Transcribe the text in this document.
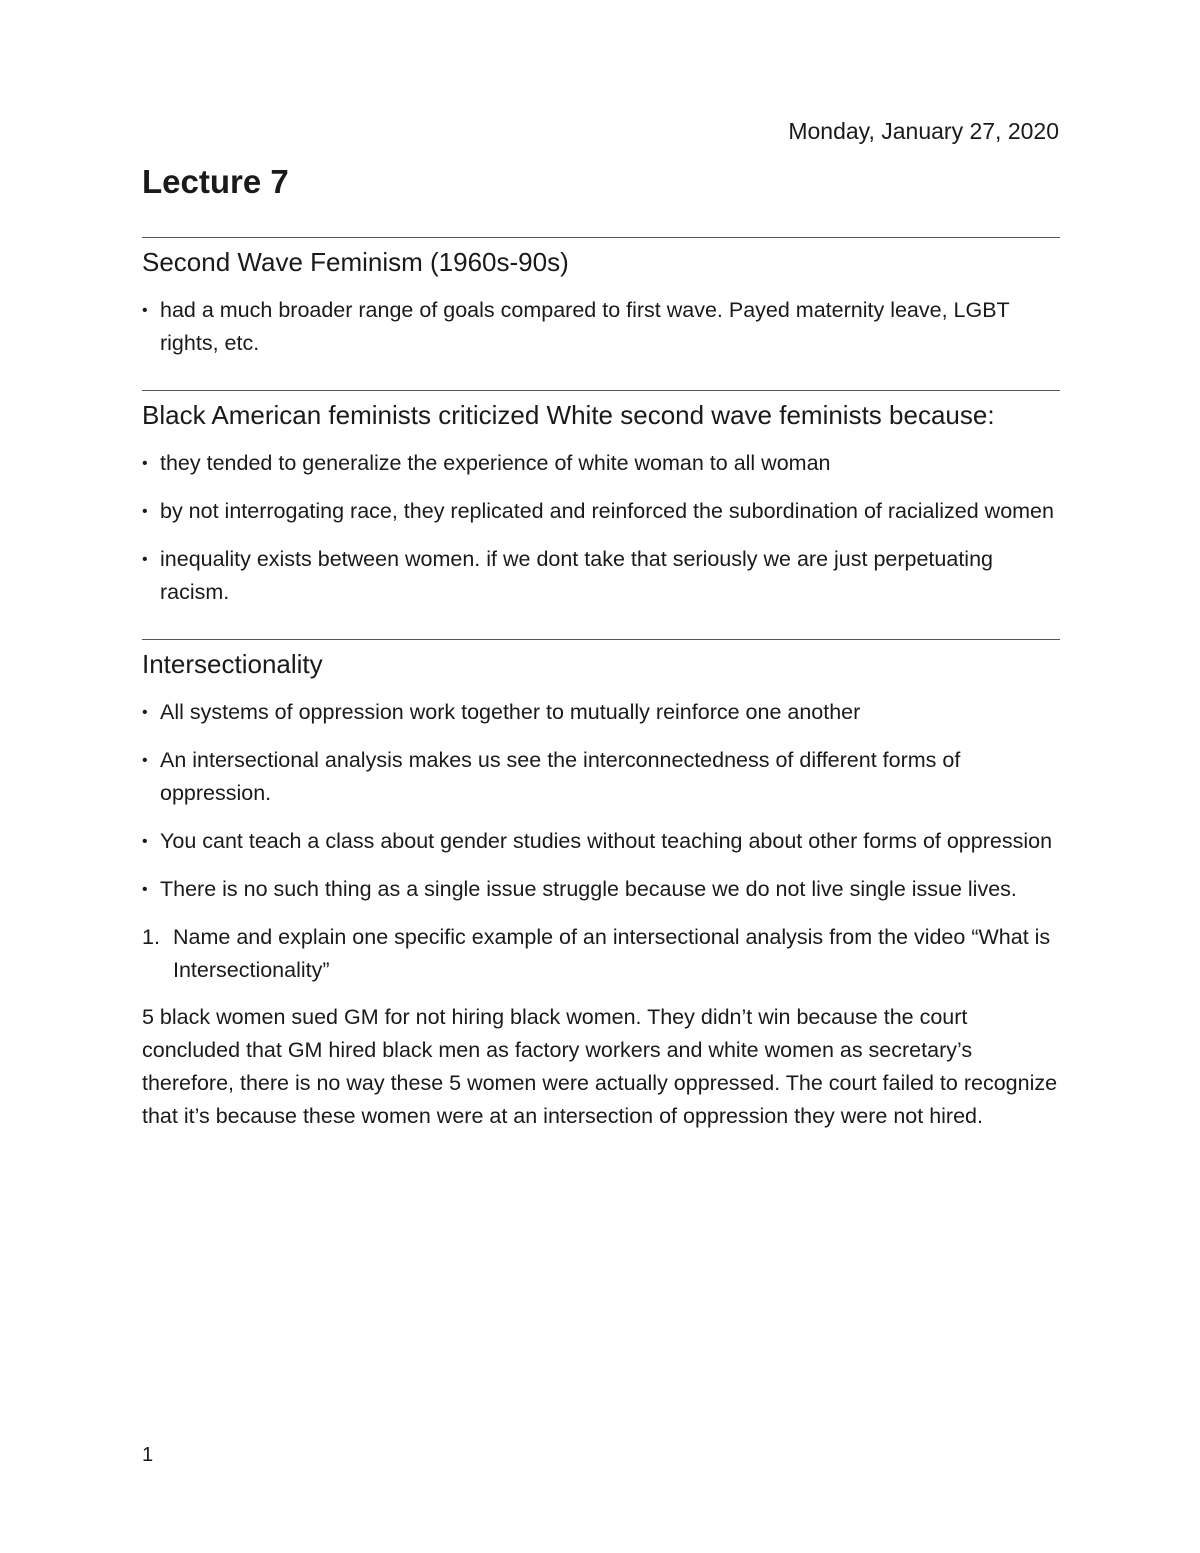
Monday, January 27, 2020
Lecture 7
Second Wave Feminism (1960s-90s)
• had a much broader range of goals compared to first wave. Payed maternity leave, LGBT rights, etc.
Black American feminists criticized White second wave feminists because:
• they tended to generalize the experience of white woman to all woman
• by not interrogating race, they replicated and reinforced the subordination of racialized women
• inequality exists between women. if we dont take that seriously we are just perpetuating racism.
Intersectionality
• All systems of oppression work together to mutually reinforce one another
• An intersectional analysis makes us see the interconnectedness of different forms of oppression.
• You cant teach a class about gender studies without teaching about other forms of oppression
• There is no such thing as a single issue struggle because we do not live single issue lives.
1. Name and explain one specific example of an intersectional analysis from the video “What is Intersectionality”

5 black women sued GM for not hiring black women. They didn’t win because the court concluded that GM hired black men as factory workers and white women as secretary’s therefore, there is no way these 5 women were actually oppressed. The court failed to recognize that it’s because these women were at an intersection of oppression they were not hired.

1
